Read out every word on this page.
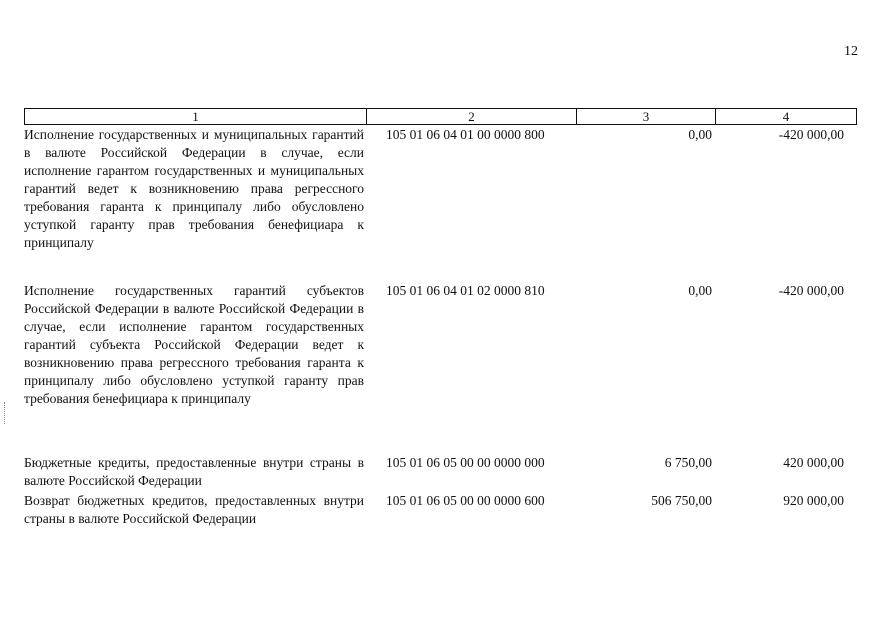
12
1	2	3	4
Исполнение государственных и муниципальных гарантий в валюте Российской Федерации в случае, если исполнение гарантом государственных и муниципальных гарантий ведет к возникновению права регрессного требования гаранта к принципалу либо обусловлено уступкой гаранту прав требования бенефициара к принципалу
105 01 06 04 01 00 0000 800	0,00	-420 000,00
Исполнение государственных гарантий субъектов Российской Федерации в валюте Российской Федерации в случае, если исполнение гарантом государственных гарантий субъекта Российской Федерации ведет к возникновению права регрессного требования гаранта к принципалу либо обусловлено уступкой гаранту прав требования бенефициара к принципалу
105 01 06 04 01 02 0000 810	0,00	-420 000,00
Бюджетные кредиты, предоставленные внутри страны в валюте Российской Федерации
105 01 06 05 00 00 0000 000	6 750,00	420 000,00
Возврат бюджетных кредитов, предоставленных внутри страны в валюте Российской Федерации
105 01 06 05 00 00 0000 600	506 750,00	920 000,00
